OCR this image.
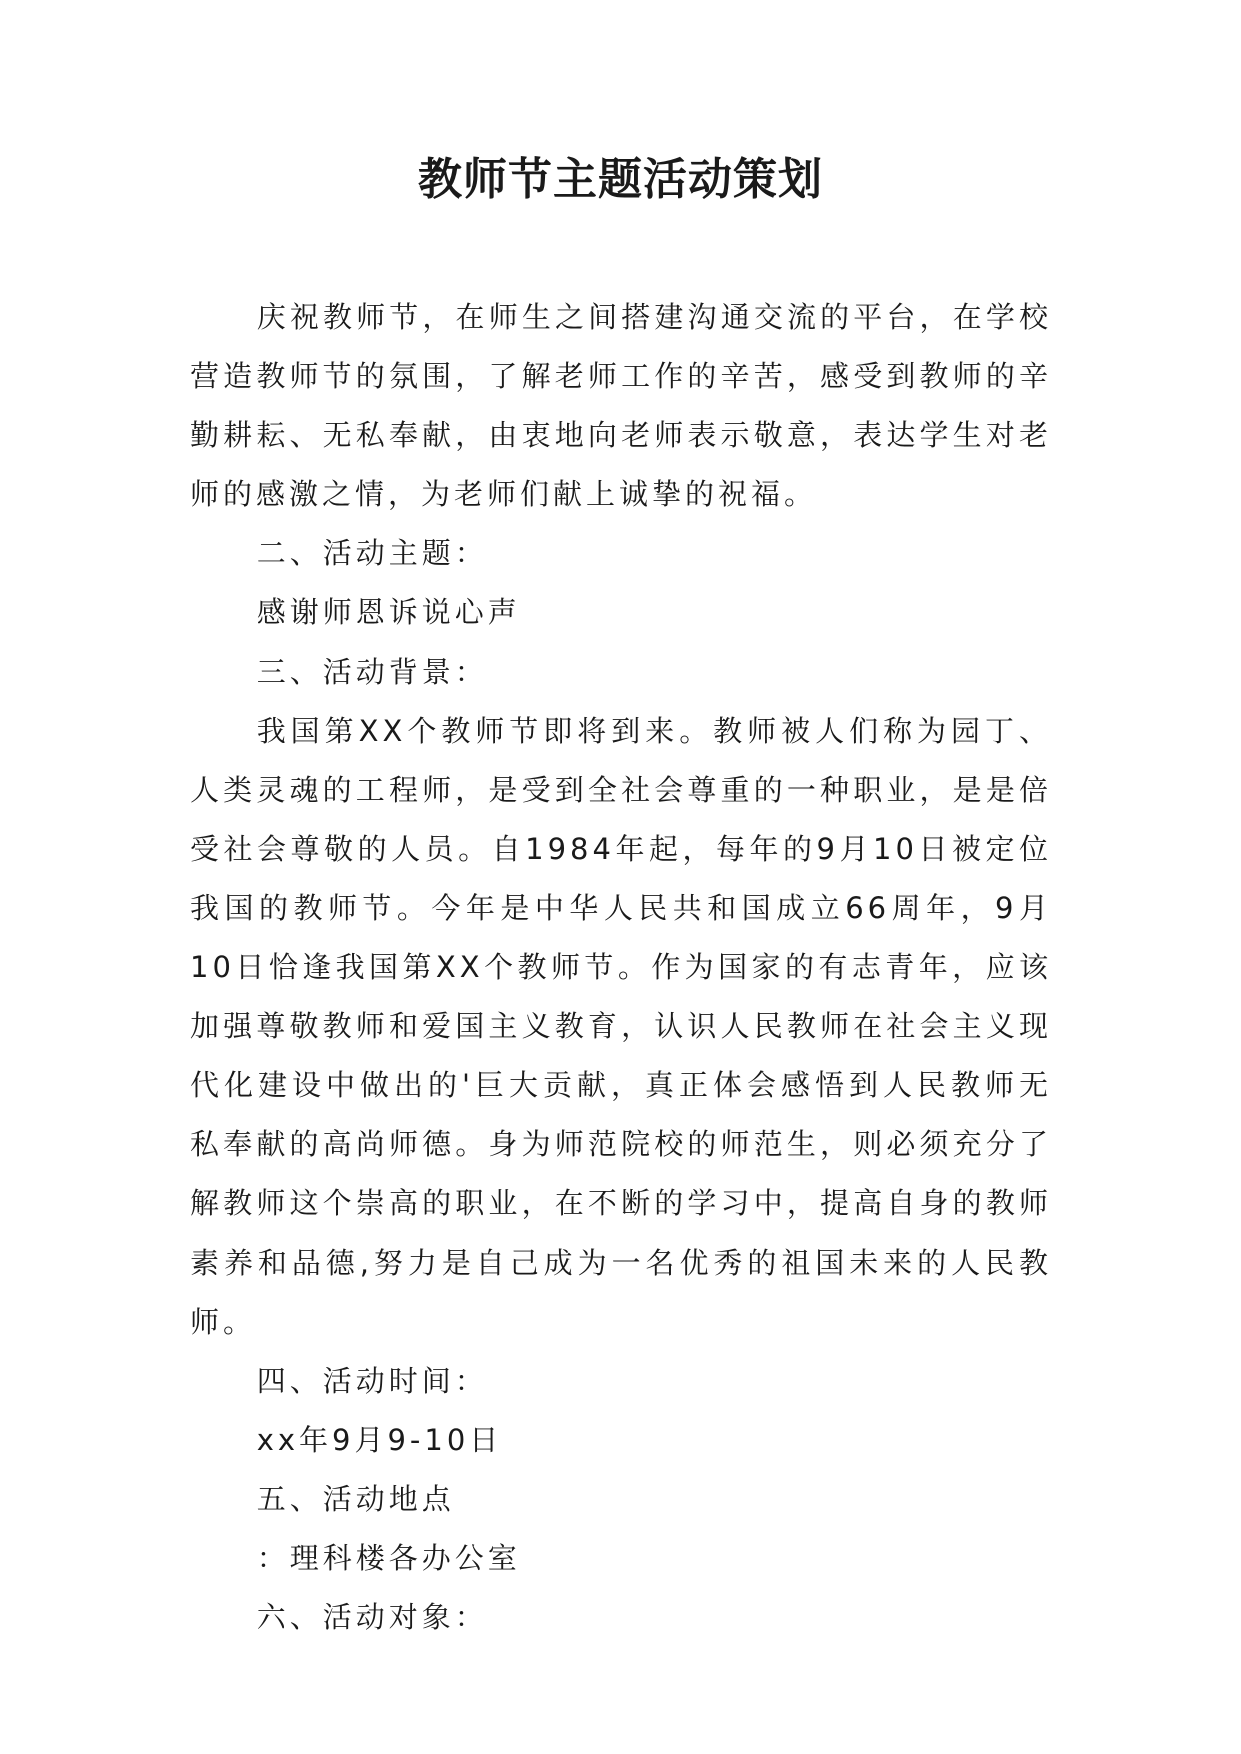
教师节主题活动策划

庆祝教师节，在师生之间搭建沟通交流的平台，在学校营造教师节的氛围，了解老师工作的辛苦，感受到教师的辛勤耕耘、无私奉献，由衷地向老师表示敬意，表达学生对老师的感激之情，为老师们献上诚挚的祝福。

二、活动主题：

感谢师恩诉说心声

三、活动背景：

我国第XX个教师节即将到来。教师被人们称为园丁、人类灵魂的工程师，是受到全社会尊重的一种职业，是是倍受社会尊敬的人员。自1984年起，每年的9月10日被定位我国的教师节。今年是中华人民共和国成立66周年，9月10日恰逢我国第XX个教师节。作为国家的有志青年，应该加强尊敬教师和爱国主义教育，认识人民教师在社会主义现代化建设中做出的'巨大贡献，真正体会感悟到人民教师无私奉献的高尚师德。身为师范院校的师范生，则必须充分了解教师这个崇高的职业，在不断的学习中，提高自身的教师素养和品德,努力是自己成为一名优秀的祖国未来的人民教师。

四、活动时间：

xx年9月9-10日

五、活动地点

：理科楼各办公室

六、活动对象：
